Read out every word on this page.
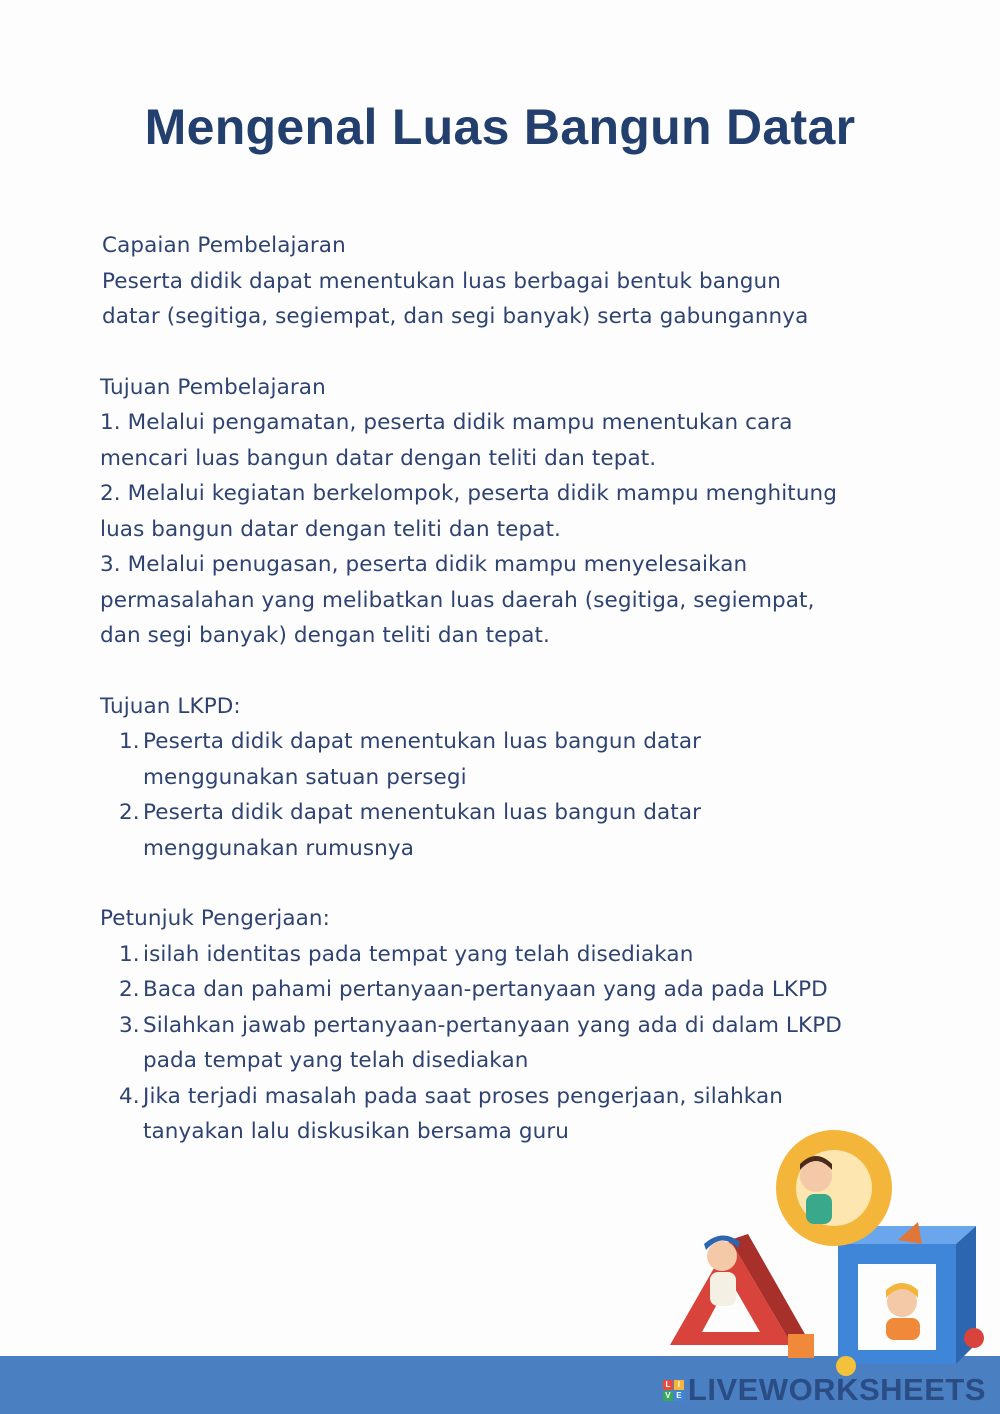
Mengenal Luas Bangun Datar

Capaian Pembelajaran

Peserta didik dapat menentukan luas berbagai bentuk bangun

datar (segitiga, segiempat, dan segi banyak) serta gabungannya

Tujuan Pembelajaran

1. Melalui pengamatan, peserta didik mampu menentukan cara

mencari luas bangun datar dengan teliti dan tepat.

2. Melalui kegiatan berkelompok, peserta didik mampu menghitung

luas bangun datar dengan teliti dan tepat.

3. Melalui penugasan, peserta didik mampu menyelesaikan

permasalahan yang melibatkan luas daerah (segitiga, segiempat,

dan segi banyak) dengan teliti dan tepat.

Tujuan LKPD:

1. Peserta didik dapat menentukan luas bangun datar

menggunakan satuan persegi

2. Peserta didik dapat menentukan luas bangun datar

menggunakan rumusnya

Petunjuk Pengerjaan:

1. isilah identitas pada tempat yang telah disediakan

2. Baca dan pahami pertanyaan-pertanyaan yang ada pada LKPD

3. Silahkan jawab pertanyaan-pertanyaan yang ada di dalam LKPD

pada tempat yang telah disediakan

4. Jika terjadi masalah pada saat proses pengerjaan, silahkan

tanyakan lalu diskusikan bersama guru

L I
V E LIVEWORKSHEETS
